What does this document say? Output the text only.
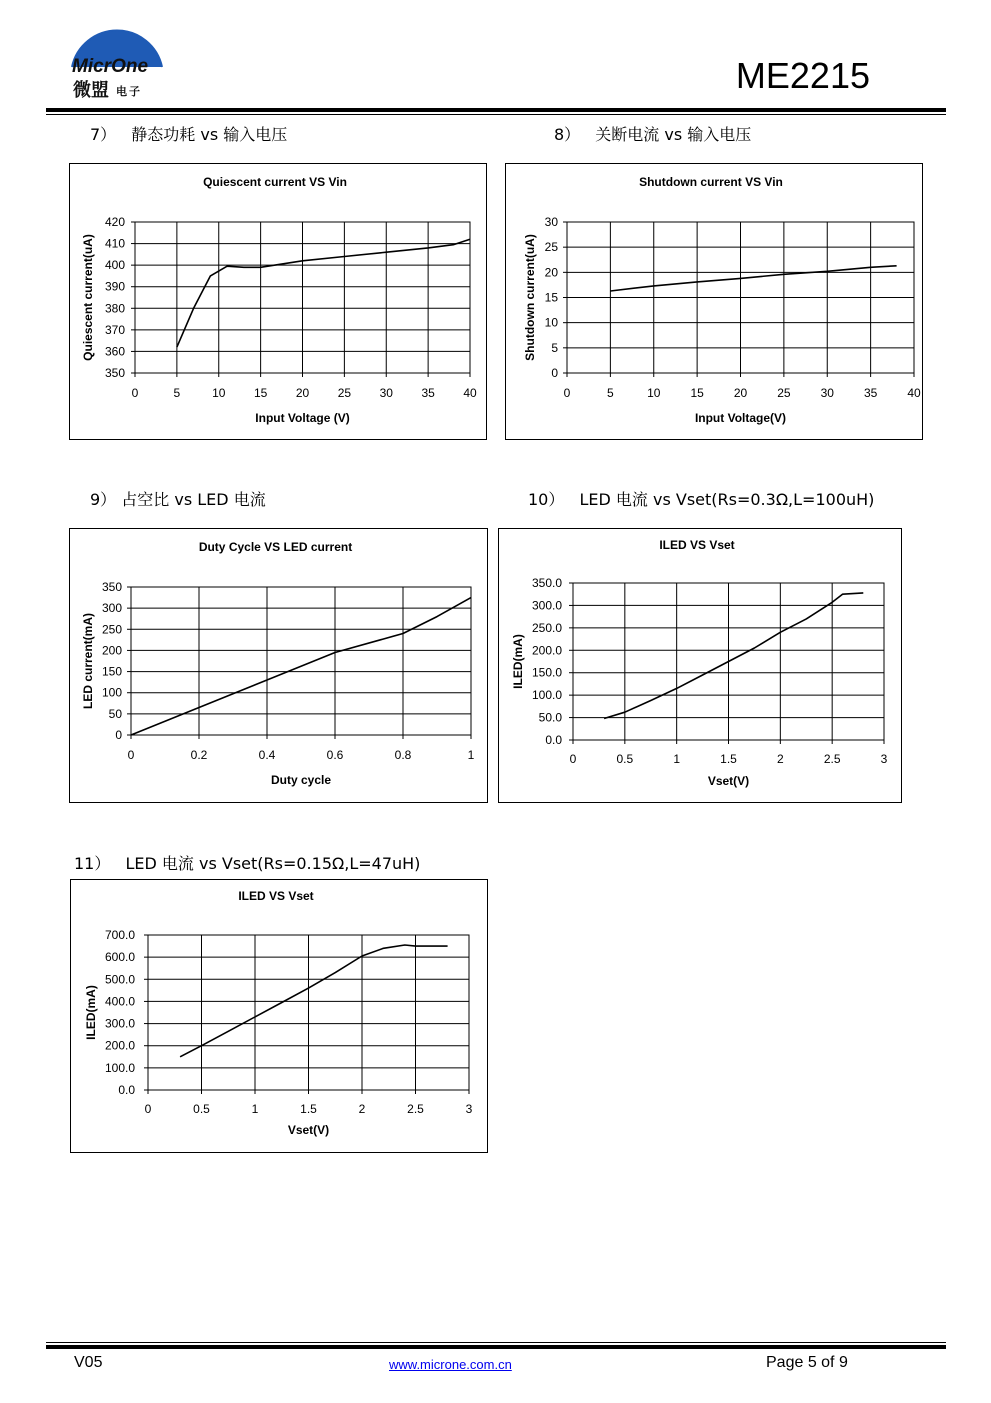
MicrOne
微盟 电子	ME2215
7） 静态功耗 vs 输入电压	8） 关断电流 vs 输入电压
9） 占空比 vs LED 电流	10） LED 电流 vs Vset(Rs=0.3Ω,L=100uH)
11） LED 电流 vs Vset(Rs=0.15Ω,L=47uH)
Quiescent current VS Vin
0	5	10 15 20 25 30 35 40
350
360
370
380
390
400
410
420
Input Voltage (V)
Quiescent current(uA)
Shutdown current VS Vin
0	5	10	15	20	25	30	35	40
0
5
10
15
20
25
30
Input Voltage(V)
Shutdown current(uA)
Duty Cycle VS LED current
0	0.2	0.4	0.6	0.8	1
0
50
100
150
200
250
300
350
Duty cycle
LED current(mA)
ILED VS Vset
0	0.5	1	1.5	2	2.5	3
0.0
50.0
100.0
150.0
200.0
250.0
300.0
350.0
Vset(V)
ILED(mA)
ILED VS Vset
0	0.5	1	1.5	2	2.5	3
0.0
100.0
200.0
300.0
400.0
500.0
600.0
700.0
Vset(V)
ILED(mA)
V05	www.microne.com.cn	Page 5 of 9
